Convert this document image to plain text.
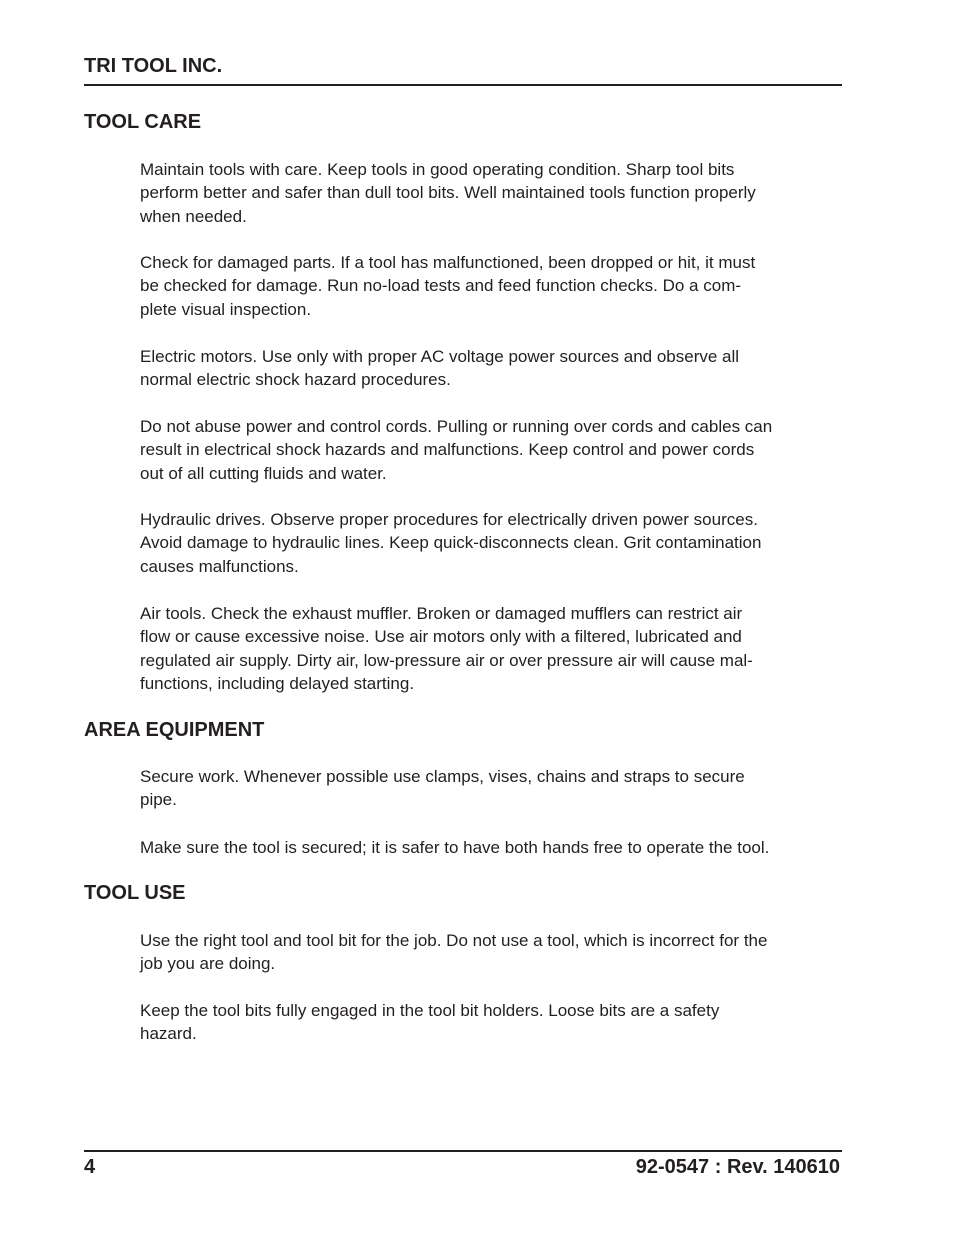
TRI TOOL INC.
TOOL CARE

Maintain tools with care. Keep tools in good operating condition. Sharp tool bits
perform better and safer than dull tool bits. Well maintained tools function properly
when needed.

Check for damaged parts. If a tool has malfunctioned, been dropped or hit, it must
be checked for damage. Run no-load tests and feed function checks. Do a com-
plete visual inspection.

Electric motors. Use only with proper AC voltage power sources and observe all
normal electric shock hazard procedures.

Do not abuse power and control cords. Pulling or running over cords and cables can
result in electrical shock hazards and malfunctions. Keep control and power cords
out of all cutting fluids and water.

Hydraulic drives. Observe proper procedures for electrically driven power sources.
Avoid damage to hydraulic lines. Keep quick-disconnects clean. Grit contamination
causes malfunctions.

Air tools. Check the exhaust muffler. Broken or damaged mufflers can restrict air
flow or cause excessive noise. Use air motors only with a filtered, lubricated and
regulated air supply. Dirty air, low-pressure air or over pressure air will cause mal-
functions, including delayed starting.

AREA EQUIPMENT

Secure work. Whenever possible use clamps, vises, chains and straps to secure
pipe.

Make sure the tool is secured; it is safer to have both hands free to operate the tool.

TOOL USE

Use the right tool and tool bit for the job. Do not use a tool, which is incorrect for the
job you are doing.

Keep the tool bits fully engaged in the tool bit holders. Loose bits are a safety
hazard.

4	92-0547 : Rev. 140610
